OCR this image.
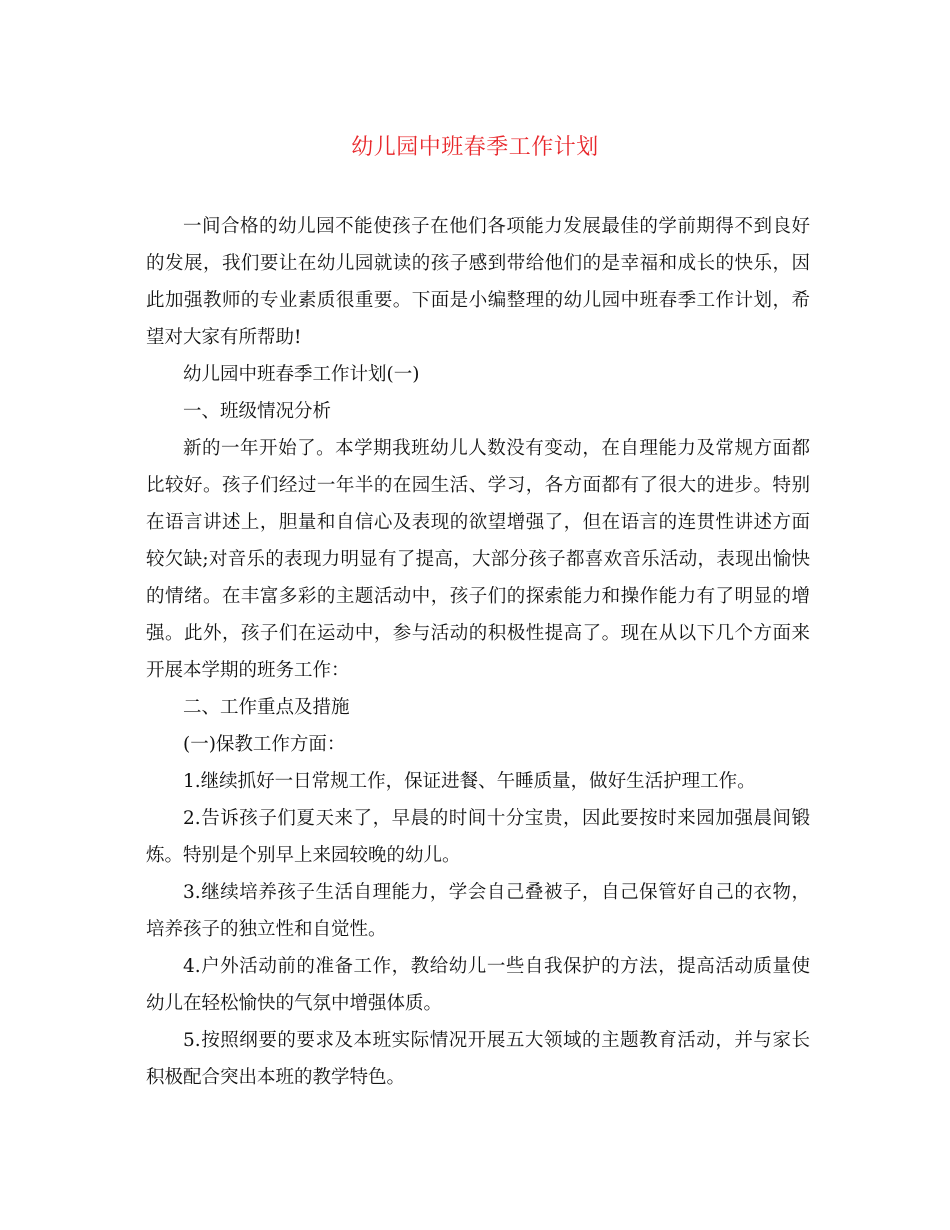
幼儿园中班春季工作计划

一间合格的幼儿园不能使孩子在他们各项能力发展最佳的学前期得不到良好的发展，我们要让在幼儿园就读的孩子感到带给他们的是幸福和成长的快乐，因此加强教师的专业素质很重要。下面是小编整理的幼儿园中班春季工作计划，希望对大家有所帮助!

幼儿园中班春季工作计划(一)

一、班级情况分析

新的一年开始了。本学期我班幼儿人数没有变动，在自理能力及常规方面都比较好。孩子们经过一年半的在园生活、学习，各方面都有了很大的进步。特别在语言讲述上，胆量和自信心及表现的欲望增强了，但在语言的连贯性讲述方面较欠缺;对音乐的表现力明显有了提高，大部分孩子都喜欢音乐活动，表现出愉快的情绪。在丰富多彩的主题活动中，孩子们的探索能力和操作能力有了明显的增强。此外，孩子们在运动中，参与活动的积极性提高了。现在从以下几个方面来开展本学期的班务工作：

二、工作重点及措施

(一)保教工作方面：

1.继续抓好一日常规工作，保证进餐、午睡质量，做好生活护理工作。

2.告诉孩子们夏天来了，早晨的时间十分宝贵，因此要按时来园加强晨间锻炼。特别是个别早上来园较晚的幼儿。

3.继续培养孩子生活自理能力，学会自己叠被子，自己保管好自己的衣物，培养孩子的独立性和自觉性。

4.户外活动前的准备工作，教给幼儿一些自我保护的方法，提高活动质量使幼儿在轻松愉快的气氛中增强体质。

5.按照纲要的要求及本班实际情况开展五大领域的主题教育活动，并与家长积极配合突出本班的教学特色。
